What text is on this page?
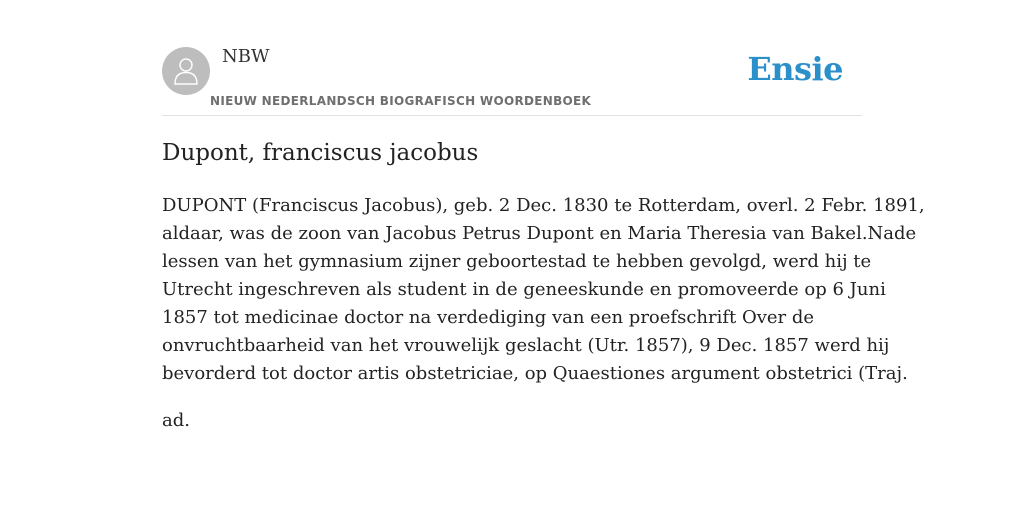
NBW
NIEUW NEDERLANDSCH BIOGRAFISCH WOORDENBOEK
Ensie
Dupont, franciscus jacobus

DUPONT (Franciscus Jacobus), geb. 2 Dec. 1830 te Rotterdam, overl. 2 Febr. 1891,
aldaar, was de zoon van Jacobus Petrus Dupont en Maria Theresia van Bakel.Nade
lessen van het gymnasium zijner geboortestad te hebben gevolgd, werd hij te
Utrecht ingeschreven als student in de geneeskunde en promoveerde op 6 Juni
1857 tot medicinae doctor na verdediging van een proefschrift Over de
onvruchtbaarheid van het vrouwelijk geslacht (Utr. 1857), 9 Dec. 1857 werd hij
bevorderd tot doctor artis obstetriciae, op Quaestiones argument obstetrici (Traj.

ad.
